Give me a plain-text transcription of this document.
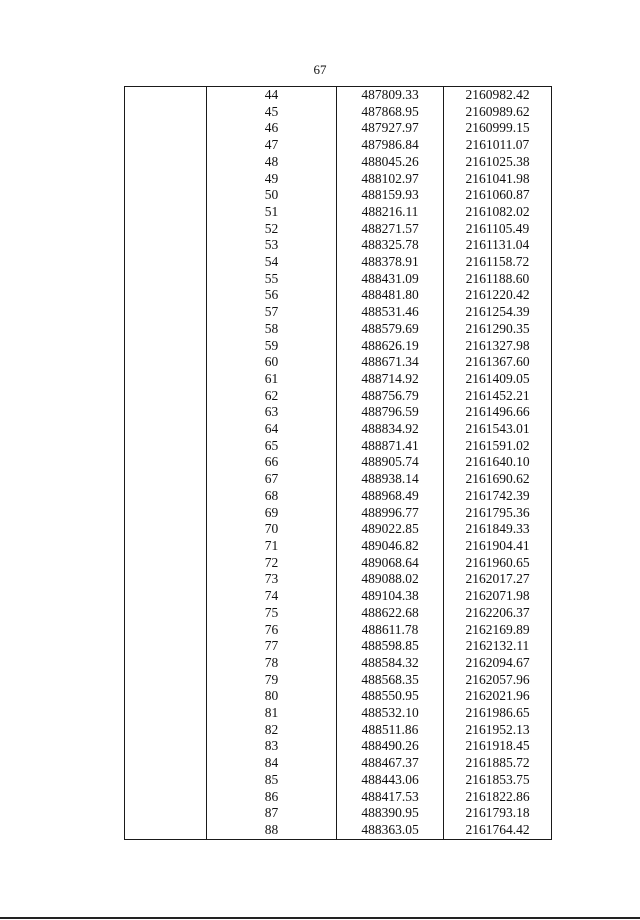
67
	44	487809.33	2160982.42
	45	487868.95	2160989.62
	46	487927.97	2160999.15
	47	487986.84	2161011.07
	48	488045.26	2161025.38
	49	488102.97	2161041.98
	50	488159.93	2161060.87
	51	488216.11	2161082.02
	52	488271.57	2161105.49
	53	488325.78	2161131.04
	54	488378.91	2161158.72
	55	488431.09	2161188.60
	56	488481.80	2161220.42
	57	488531.46	2161254.39
	58	488579.69	2161290.35
	59	488626.19	2161327.98
	60	488671.34	2161367.60
	61	488714.92	2161409.05
	62	488756.79	2161452.21
	63	488796.59	2161496.66
	64	488834.92	2161543.01
	65	488871.41	2161591.02
	66	488905.74	2161640.10
	67	488938.14	2161690.62
	68	488968.49	2161742.39
	69	488996.77	2161795.36
	70	489022.85	2161849.33
	71	489046.82	2161904.41
	72	489068.64	2161960.65
	73	489088.02	2162017.27
	74	489104.38	2162071.98
	75	488622.68	2162206.37
	76	488611.78	2162169.89
	77	488598.85	2162132.11
	78	488584.32	2162094.67
	79	488568.35	2162057.96
	80	488550.95	2162021.96
	81	488532.10	2161986.65
	82	488511.86	2161952.13
	83	488490.26	2161918.45
	84	488467.37	2161885.72
	85	488443.06	2161853.75
	86	488417.53	2161822.86
	87	488390.95	2161793.18
	88	488363.05	2161764.42
